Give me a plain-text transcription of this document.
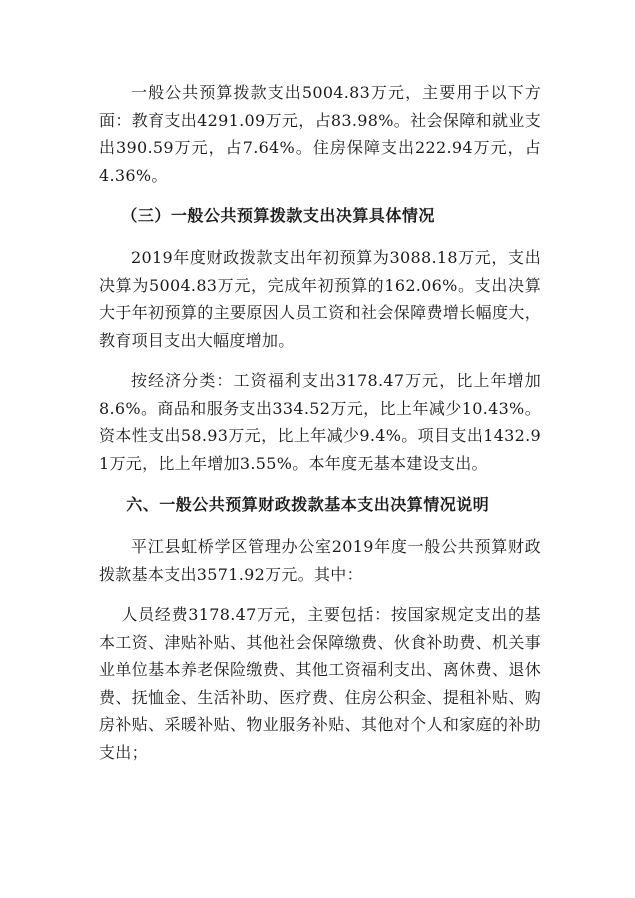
一般公共预算拨款支出5004.83万元，主要用于以下方面：教育支出4291.09万元，占83.98%。社会保障和就业支出390.59万元，占7.64%。住房保障支出222.94万元，占4.36%。

（三）一般公共预算拨款支出决算具体情况

2019年度财政拨款支出年初预算为3088.18万元，支出决算为5004.83万元，完成年初预算的162.06%。支出决算大于年初预算的主要原因人员工资和社会保障费增长幅度大，教育项目支出大幅度增加。

按经济分类：工资福利支出3178.47万元，比上年增加8.6%。商品和服务支出334.52万元，比上年减少10.43%。资本性支出58.93万元，比上年减少9.4%。项目支出1432.91万元，比上年增加3.55%。本年度无基本建设支出。

六、一般公共预算财政拨款基本支出决算情况说明

平江县虹桥学区管理办公室2019年度一般公共预算财政拨款基本支出3571.92万元。其中：

人员经费3178.47万元，主要包括：按国家规定支出的基本工资、津贴补贴、其他社会保障缴费、伙食补助费、机关事业单位基本养老保险缴费、其他工资福利支出、离休费、退休费、抚恤金、生活补助、医疗费、住房公积金、提租补贴、购房补贴、采暖补贴、物业服务补贴、其他对个人和家庭的补助支出；
